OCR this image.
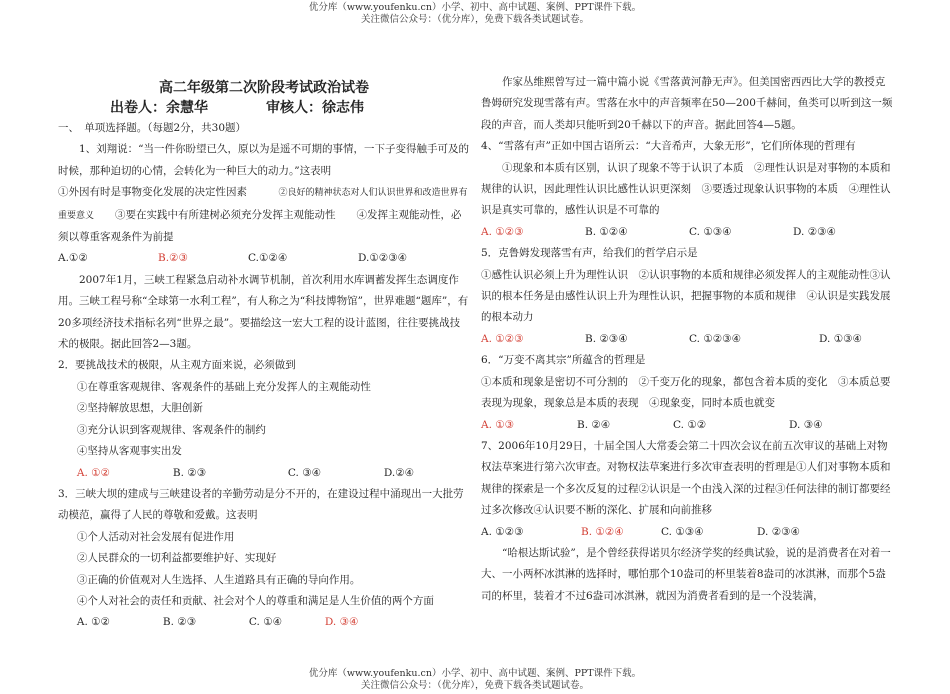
优分库（www.youfenku.cn）小学、初中、高中试题、案例、PPT课件下载。
关注微信公众号：（优分库），免费下载各类试题试卷。
高二年级第二次阶段考试政治试卷
出卷人：余慧华	审核人：徐志伟

一、　单项选择题。（每题2分，共30题）

1、刘翔说：“当一件你盼望已久，原以为是遥不可期的事情，一下子变得触手可及的时候，那种迫切的心情，会转化为一种巨大的动力。”这表明

①外因有时是事物变化发展的决定性因素　　　	②良好的精神状态对人们认识世界和改造世界有重要意义　　 ③要在实践中有所建树必须充分发挥主观能动性　　 ④发挥主观能动性，必须以尊重客观条件为前提

A.①②	B.②③	C.①②④	D.①②③④

2007年1月，三峡工程紧急启动补水调节机制，首次利用水库调蓄发挥生态调度作用。三峡工程号称“全球第一水利工程”，有人称之为“科技博物馆”，世界难题“题库”，有20多项经济技术指标名列“世界之最”。要描绘这一宏大工程的设计蓝图，往往要挑战技术的极限。据此回答2—3题。

2．要挑战技术的极限，从主观方面来说，必须做到

①在尊重客观规律、客观条件的基础上充分发挥人的主观能动性

②坚持解放思想，大胆创新

③充分认识到客观规律、客观条件的制约

④坚持从客观事实出发

A. ①②	B. ②③	C. ③④	D.②④

3．三峡大坝的建成与三峡建设者的辛勤劳动是分不开的，在建设过程中涌现出一大批劳动模范，赢得了人民的尊敬和爱戴。这表明

①个人活动对社会发展有促进作用

②人民群众的一切利益都要维护好、实现好

③正确的价值观对人生选择、人生道路具有正确的导向作用。

④个人对社会的责任和贡献、社会对个人的尊重和满足是人生价值的两个方面

A. ①②	B. ②③	C. ①④	D. ③④

作家丛维熙曾写过一篇中篇小说《雪落黄河静无声》。但美国密西西比大学的教授克鲁姆研究发现雪落有声。雪落在水中的声音频率在50—200千赫间，鱼类可以听到这一频段的声音，而人类却只能听到20千赫以下的声音。据此回答4—5题。

4、“雪落有声”正如中国古语所云：“大音希声，大象无形”，它们所体现的哲理有

①现象和本质有区别，认识了现象不等于认识了本质　②理性认识是对事物的本质和规律的认识，因此理性认识比感性认识更深刻　③要透过现象认识事物的本质　④理性认识是真实可靠的，感性认识是不可靠的

A. ①②③	B. ①②④	C. ①③④	D. ②③④

5．克鲁姆发现落雪有声，给我们的哲学启示是

①感性认识必须上升为理性认识　②认识事物的本质和规律必须发挥人的主观能动性③认识的根本任务是由感性认识上升为理性认识，把握事物的本质和规律　④认识是实践发展的根本动力

A. ①②③	B. ②③④	C. ①②③④	D. ①③④

6．“万变不离其宗”所蕴含的哲理是

①本质和现象是密切不可分割的　②千变万化的现象，都包含着本质的变化　③本质总要表现为现象，现象总是本质的表现　④现象变，同时本质也就变

A. ①③	B. ②④	C. ①②	D. ③④

7、2006年10月29日，十届全国人大常委会第二十四次会议在前五次审议的基础上对物权法草案进行第六次审查。对物权法草案进行多次审查表明的哲理是①人们对事物本质和规律的探索是一个多次反复的过程②认识是一个由浅入深的过程③任何法律的制订都要经过多次修改④认识要不断的深化、扩展和向前推移

A. ①②③	B. ①②④	C. ①③④	D. ②③④

“哈根达斯试验”，是个曾经获得诺贝尔经济学奖的经典试验，说的是消费者在对着一大、一小两杯冰淇淋的选择时，哪怕那个10盎司的杯里装着8盎司的冰淇淋，而那个5盎司的杯里，装着才不过6盎司冰淇淋，就因为消费者看到的是一个没装满，

优分库（www.youfenku.cn）小学、初中、高中试题、案例、PPT课件下载。
关注微信公众号：（优分库），免费下载各类试题试卷。
